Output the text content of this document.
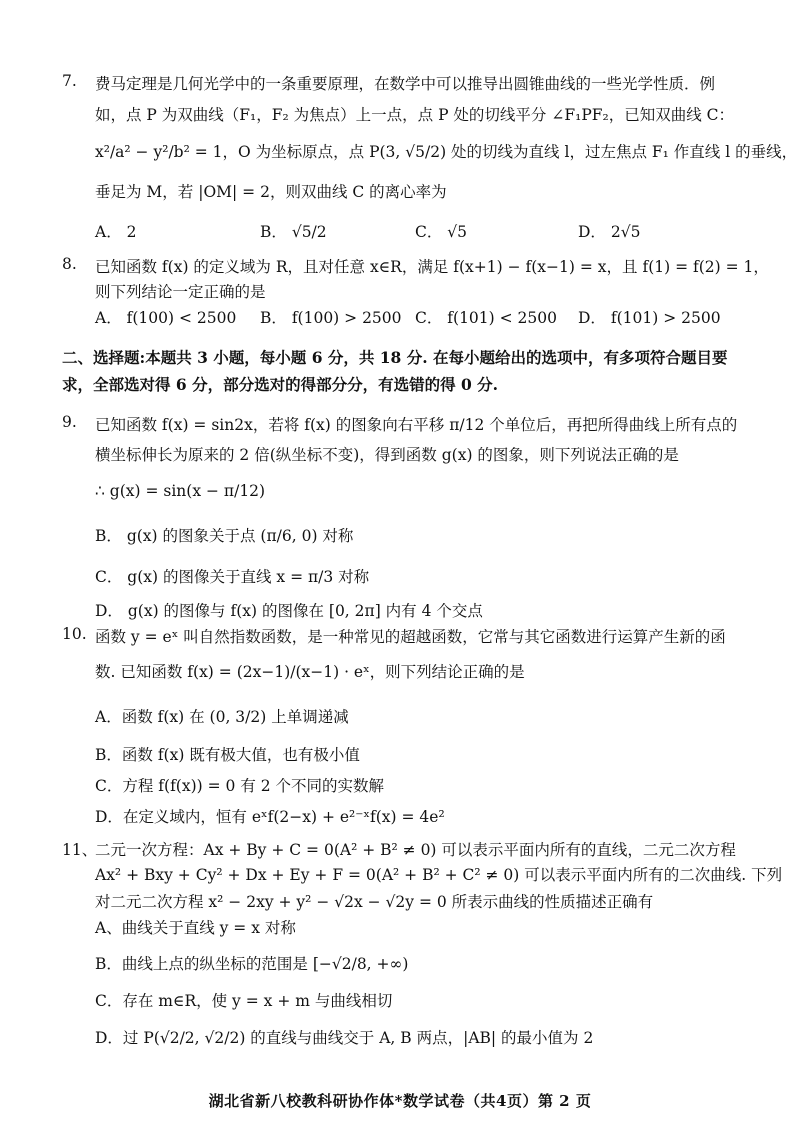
7. 费马定理是几何光学中的一条重要原理，在数学中可以推导出圆锥曲线的一些光学性质．例
如，点 P 为双曲线（F₁，F₂ 为焦点）上一点，点 P 处的切线平分 ∠F₁PF₂，已知双曲线 C：
x²/a² − y²/b² = 1，O 为坐标原点，点 P(3, √5/2) 处的切线为直线 l，过左焦点 F₁ 作直线 l 的垂线，
垂足为 M，若 |OM| = 2，则双曲线 C 的离心率为
A． 2	B． √5/2	C． √5	D． 2√5
8. 已知函数 f(x) 的定义域为 R，且对任意 x∈R，满足 f(x+1) − f(x−1) = x，且 f(1) = f(2) = 1，
则下列结论一定正确的是
A． f(100) < 2500 B． f(100) > 2500 C． f(101) < 2500 D． f(101) > 2500
二、选择题:本题共 3 小题，每小题 6 分，共 18 分. 在每小题给出的选项中，有多项符合题目要
求，全部选对得 6 分，部分选对的得部分分，有选错的得 0 分.
9. 已知函数 f(x) = sin2x，若将 f(x) 的图象向右平移 π/12 个单位后，再把所得曲线上所有点的
横坐标伸长为原来的 2 倍(纵坐标不变)，得到函数 g(x) 的图象，则下列说法正确的是
∴ g(x) = sin(x − π/12)
B． g(x) 的图象关于点 (π/6, 0) 对称
C． g(x) 的图像关于直线 x = π/3 对称
D． g(x) 的图像与 f(x) 的图像在 [0, 2π] 内有 4 个交点
10. 函数 y = eˣ 叫自然指数函数，是一种常见的超越函数，它常与其它函数进行运算产生新的函
数. 已知函数 f(x) = (2x−1)/(x−1) · eˣ，则下列结论正确的是
A．函数 f(x) 在 (0, 3/2) 上单调递减
B．函数 f(x) 既有极大值，也有极小值
C．方程 f(f(x)) = 0 有 2 个不同的实数解
D．在定义域内，恒有 eˣf(2−x) + e²⁻ˣf(x) = 4e²
11、
二元一次方程：Ax + By + C = 0(A² + B² ≠ 0) 可以表示平面内所有的直线，二元二次方程
Ax² + Bxy + Cy² + Dx + Ey + F = 0(A² + B² + C² ≠ 0) 可以表示平面内所有的二次曲线. 下列
对二元二次方程 x² − 2xy + y² − √2x − √2y = 0 所表示曲线的性质描述正确有
A、曲线关于直线 y = x 对称
B．曲线上点的纵坐标的范围是 [−√2/8, +∞)
C．存在 m∈R，使 y = x + m 与曲线相切
D．过 P(√2/2, √2/2) 的直线与曲线交于 A, B 两点，|AB| 的最小值为 2
湖北省新八校教科研协作体*数学试卷（共4页）第 2 页
